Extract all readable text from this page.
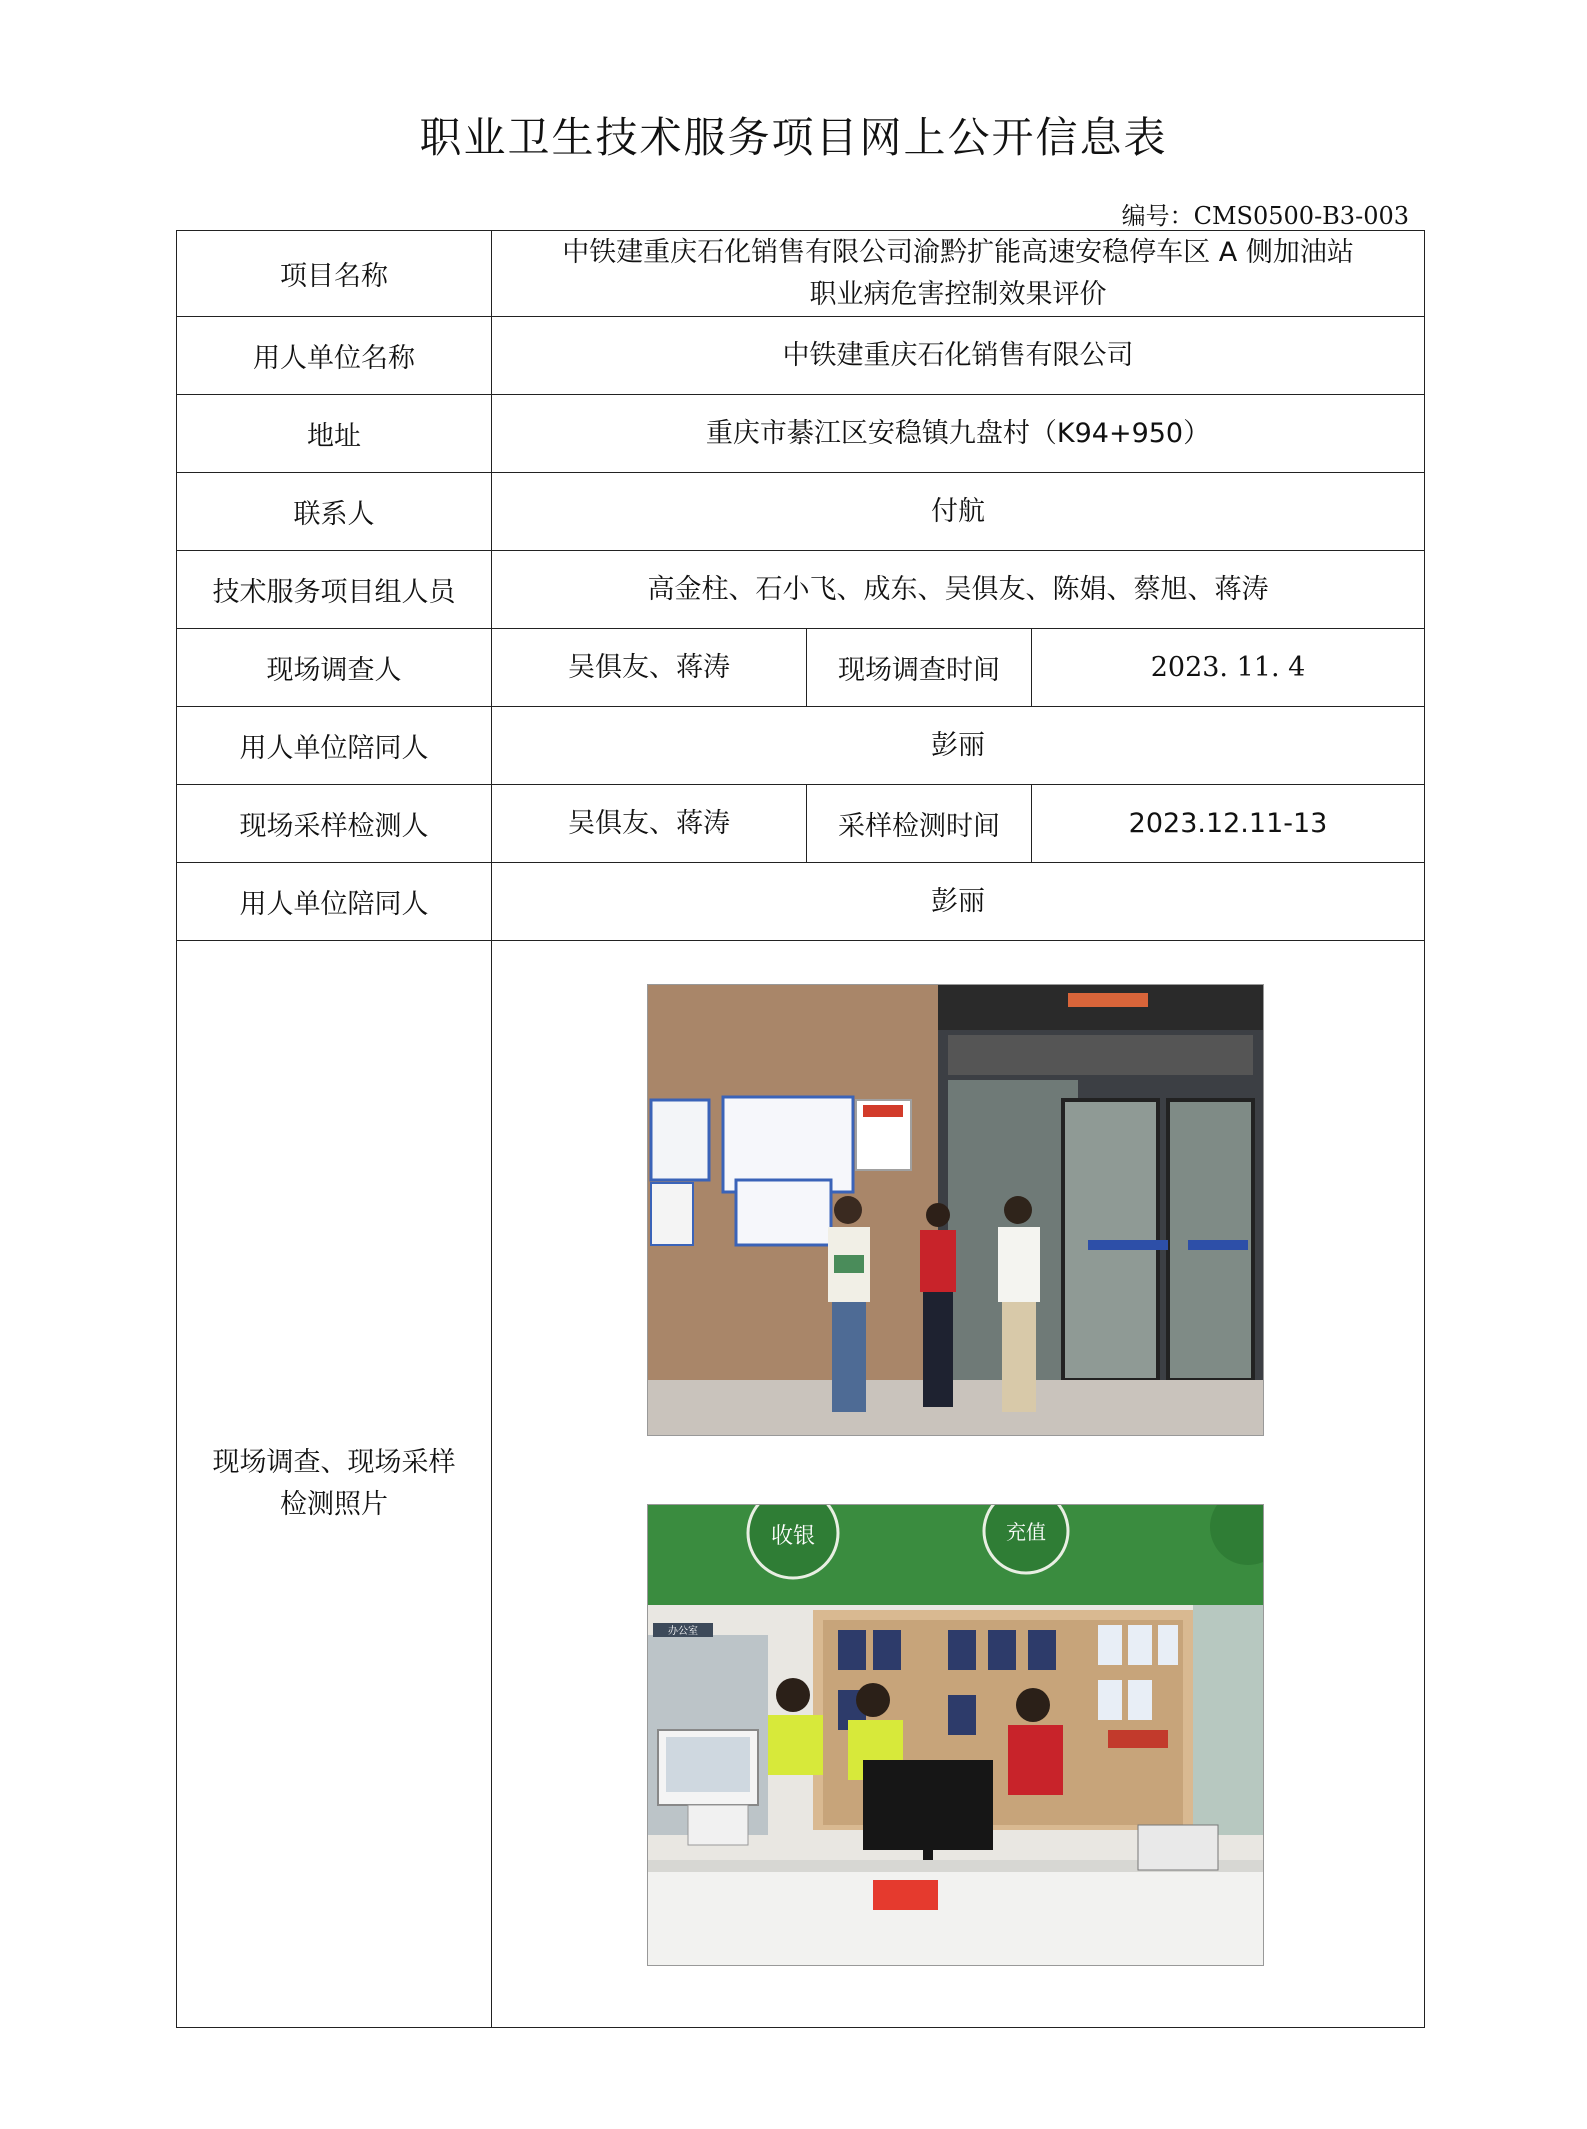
职业卫生技术服务项目网上公开信息表
编号：CMS0500-B3-003
项目名称	中铁建重庆石化销售有限公司渝黔扩能高速安稳停车区 A 侧加油站
职业病危害控制效果评价		

用人单位名称	中铁建重庆石化销售有限公司		
地址	重庆市綦江区安稳镇九盘村（K94+950）		
联系人	付航		
技术服务项目组人员	高金柱、石小飞、成东、吴俱友、陈娟、蔡旭、蒋涛		
现场调查人	吴俱友、蒋涛	现场调查时间	2023. 11. 4
用人单位陪同人	彭丽		
现场采样检测人	吴俱友、蒋涛	采样检测时间	2023.12.11-13
用人单位陪同人	彭丽		
现场调查、现场采样检测照片	收银 充值
办公室		
